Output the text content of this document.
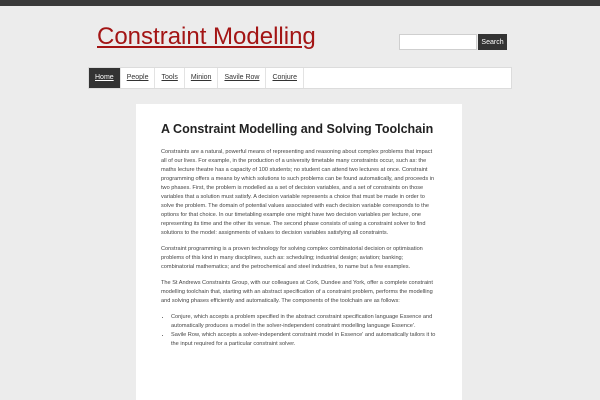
Constraint Modelling	Search
Home	People	Tools	Minion	Savile Row	Conjure
A Constraint Modelling and Solving Toolchain

Constraints are a natural, powerful means of representing and reasoning about complex problems that impact all of our lives. For example, in the production of a university timetable many constraints occur, such as: the maths lecture theatre has a capacity of 100 students; no student can attend two lectures at once. Constraint programming offers a means by which solutions to such problems can be found automatically, and proceeds in two phases. First, the problem is modelled as a set of decision variables, and a set of constraints on those variables that a solution must satisfy. A decision variable represents a choice that must be made in order to solve the problem. The domain of potential values associated with each decision variable corresponds to the options for that choice. In our timetabling example one might have two decision variables per lecture, one representing its time and the other its venue. The second phase consists of using a constraint solver to find solutions to the model: assignments of values to decision variables satisfying all constraints.

Constraint programming is a proven technology for solving complex combinatorial decision or optimisation problems of this kind in many disciplines, such as: scheduling; industrial design; aviation; banking; combinatorial mathematics; and the petrochemical and steel industries, to name but a few examples.

The St Andrews Constraints Group, with our colleagues at Cork, Dundee and York, offer a complete constraint modelling toolchain that, starting with an abstract specification of a constraint problem, performs the modelling and solving phases efficiently and automatically. The components of the toolchain are as follows:

• Conjure, which accepts a problem specified in the abstract constraint specification language Essence and automatically produces a model in the solver-independent constraint modelling language Essence'.
• Savile Row, which accepts a solver-independent constraint model in Essence' and automatically tailors it to the input required for a particular constraint solver.
